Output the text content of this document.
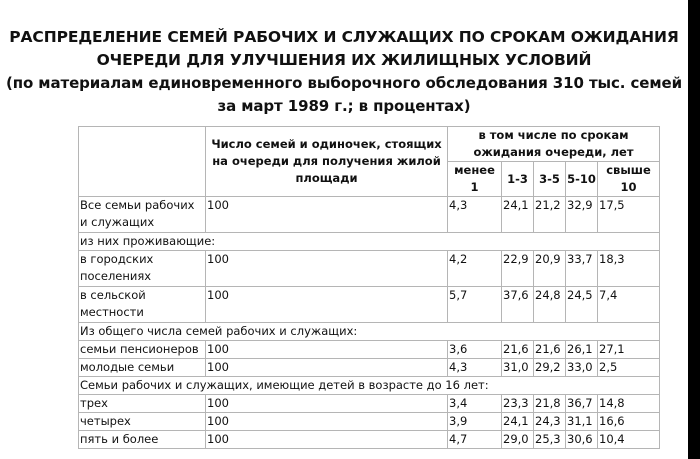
РАСПРЕДЕЛЕНИЕ СЕМЕЙ РАБОЧИХ И СЛУЖАЩИХ ПО СРОКАМ ОЖИДАНИЯ
ОЧЕРЕДИ ДЛЯ УЛУЧШЕНИЯ ИХ ЖИЛИЩНЫХ УСЛОВИЙ
(по материалам единовременного выборочного обследования 310 тыс. семей
за март 1989 г.; в процентах)
	Число семей и одиночек, стоящих на очереди для получения жилой площади	в том числе по срокам ожидания очереди, лет				
		менее 1	1-3	3-5	5-10	свыше 10
Все семьи рабочих и служащих	100	4,3	24,1	21,2	32,9	17,5
из них проживающие:						
в городских поселениях	100	4,2	22,9	20,9	33,7	18,3
в сельской местности	100	5,7	37,6	24,8	24,5	7,4
Из общего числа семей рабочих и служащих:						
семьи пенсионеров	100	3,6	21,6	21,6	26,1	27,1
молодые семьи	100	4,3	31,0	29,2	33,0	2,5
Семьи рабочих и служащих, имеющие детей в возрасте до 16 лет:						
трех	100	3,4	23,3	21,8	36,7	14,8
четырех	100	3,9	24,1	24,3	31,1	16,6
пять и более	100	4,7	29,0	25,3	30,6	10,4
